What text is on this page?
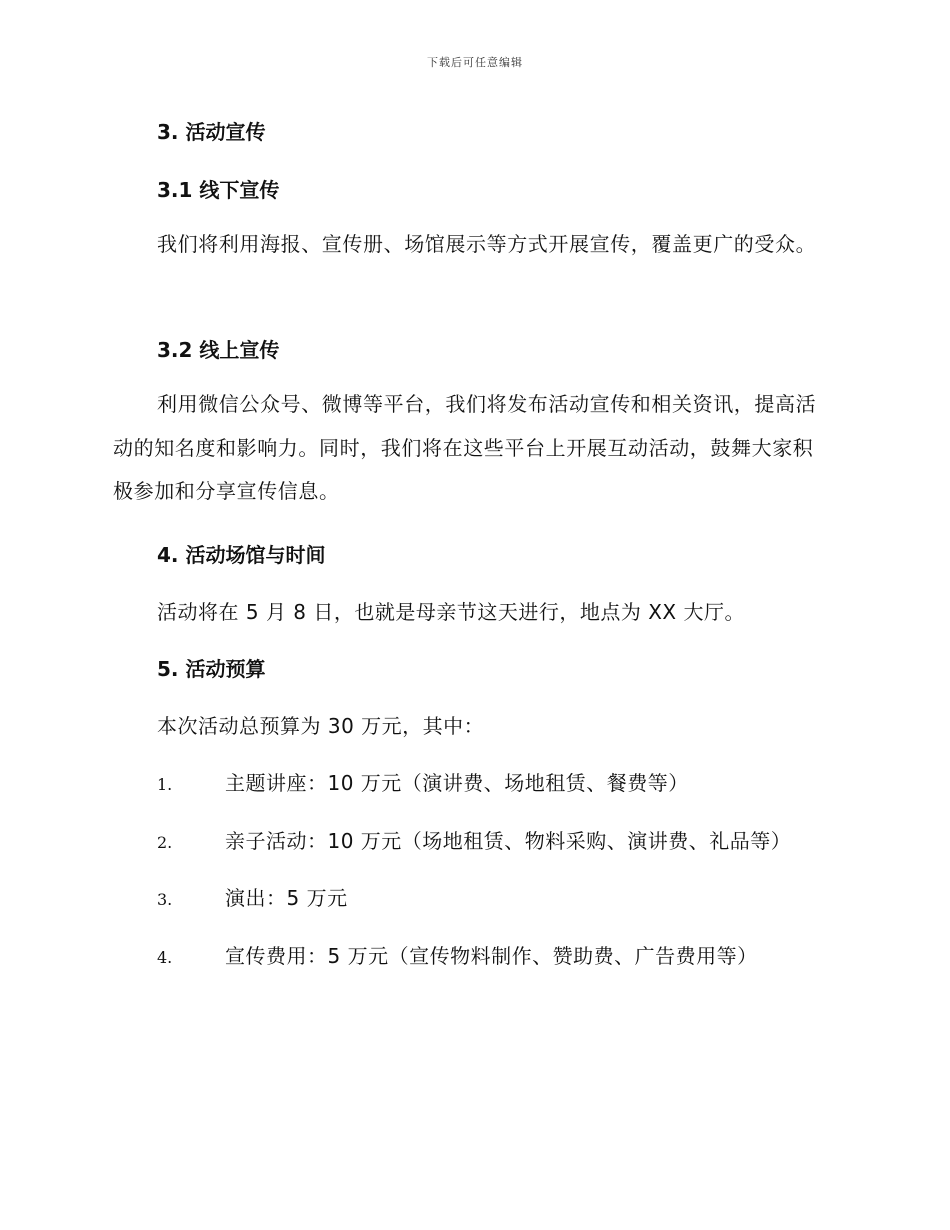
下载后可任意编辑
3. 活动宣传
3.1 线下宣传
我们将利用海报、宣传册、场馆展示等方式开展宣传，覆盖更广的受众。
3.2 线上宣传
利用微信公众号、微博等平台，我们将发布活动宣传和相关资讯，提高活动的知名度和影响力。同时，我们将在这些平台上开展互动活动，鼓舞大家积极参加和分享宣传信息。
4. 活动场馆与时间
活动将在 5 月 8 日，也就是母亲节这天进行，地点为 XX 大厅。
5. 活动预算
本次活动总预算为 30 万元，其中：
1.	主题讲座：10 万元（演讲费、场地租赁、餐费等）
2.	亲子活动：10 万元（场地租赁、物料采购、演讲费、礼品等）
3.	演出：5 万元
4.	宣传费用：5 万元（宣传物料制作、赞助费、广告费用等）
